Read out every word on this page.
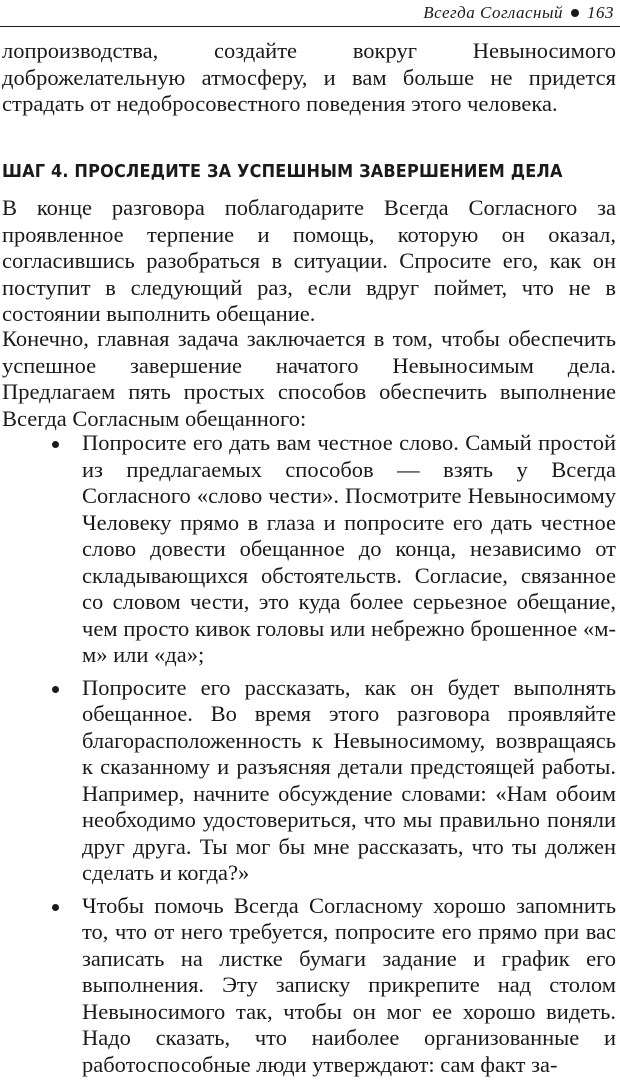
Всегда Согласный 163

лопроизводства, создайте вокруг Невыносимого доброжелательную атмосферу, и вам больше не придется страдать от недобросовестного поведения этого человека.

ШАГ 4. ПРОСЛЕДИТЕ ЗА УСПЕШНЫМ ЗАВЕРШЕНИЕМ ДЕЛА

В конце разговора поблагодарите Всегда Согласного за проявленное терпение и помощь, которую он оказал, согласившись разобраться в ситуации. Спросите его, как он поступит в следующий раз, если вдруг поймет, что не в состоянии выполнить обещание.

Конечно, главная задача заключается в том, чтобы обеспечить успешное завершение начатого Невыносимым дела. Предлагаем пять простых способов обеспечить выполнение Всегда Согласным обещанного:

Попросите его дать вам честное слово. Самый простой из предлагаемых способов — взять у Всегда Согласного «слово чести». Посмотрите Невыносимому Человеку прямо в глаза и попросите его дать честное слово довести обещанное до конца, независимо от складывающихся обстоятельств. Согласие, связанное со словом чести, это куда более серьезное обещание, чем просто кивок головы или небрежно брошенное «м-м» или «да»;

Попросите его рассказать, как он будет выполнять обещанное. Во время этого разговора проявляйте благорасположенность к Невыносимому, возвращаясь к сказанному и разъясняя детали предстоящей работы. Например, начните обсуждение словами: «Нам обоим необходимо удостовериться, что мы правильно поняли друг друга. Ты мог бы мне рассказать, что ты должен сделать и когда?»

Чтобы помочь Всегда Согласному хорошо запомнить то, что от него требуется, попросите его прямо при вас записать на листке бумаги задание и график его выполнения. Эту записку прикрепите над столом Невыносимого так, чтобы он мог ее хорошо видеть. Надо сказать, что наиболее организованные и работоспособные люди утверждают: сам факт за-
